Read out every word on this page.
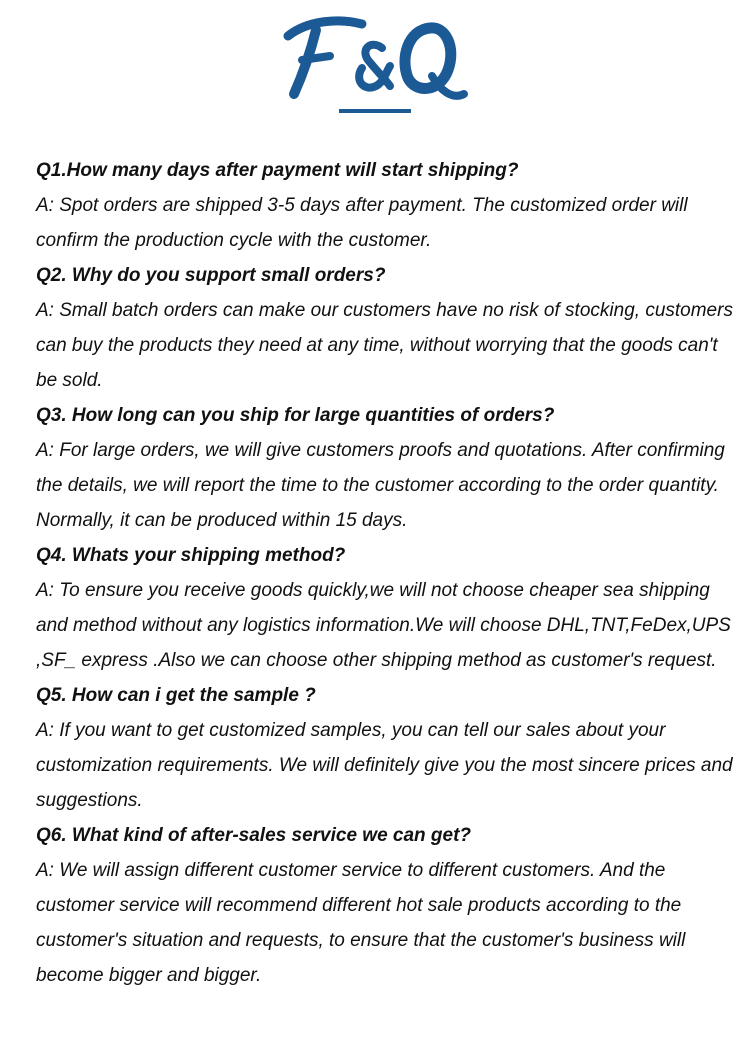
Q1.How many days after payment will start shipping?
A: Spot orders are shipped 3-5 days after payment. The customized order will confirm the production cycle with the customer.
Q2. Why do you support small orders?
A: Small batch orders can make our customers have no risk of stocking, customers can buy the products they need at any time, without worrying that the goods can't be sold.
Q3. How long can you ship for large quantities of orders?
A: For large orders, we will give customers proofs and quotations. After confirming the details, we will report the time to the customer according to the order quantity. Normally, it can be produced within 15 days.
Q4. Whats your shipping method?
A: To ensure you receive goods quickly,we will not choose cheaper sea shipping and method without any logistics information.We will choose DHL,TNT,FeDex,UPS ,SF_ express .Also we can choose other shipping method as customer's request.
Q5. How can i get the sample ?
A: If you want to get customized samples, you can tell our sales about your customization requirements. We will definitely give you the most sincere prices and suggestions.
Q6. What kind of after-sales service we can get?
A: We will assign different customer service to different customers. And the customer service will recommend different hot sale products according to the customer's situation and requests, to ensure that the customer's business will become bigger and bigger.
